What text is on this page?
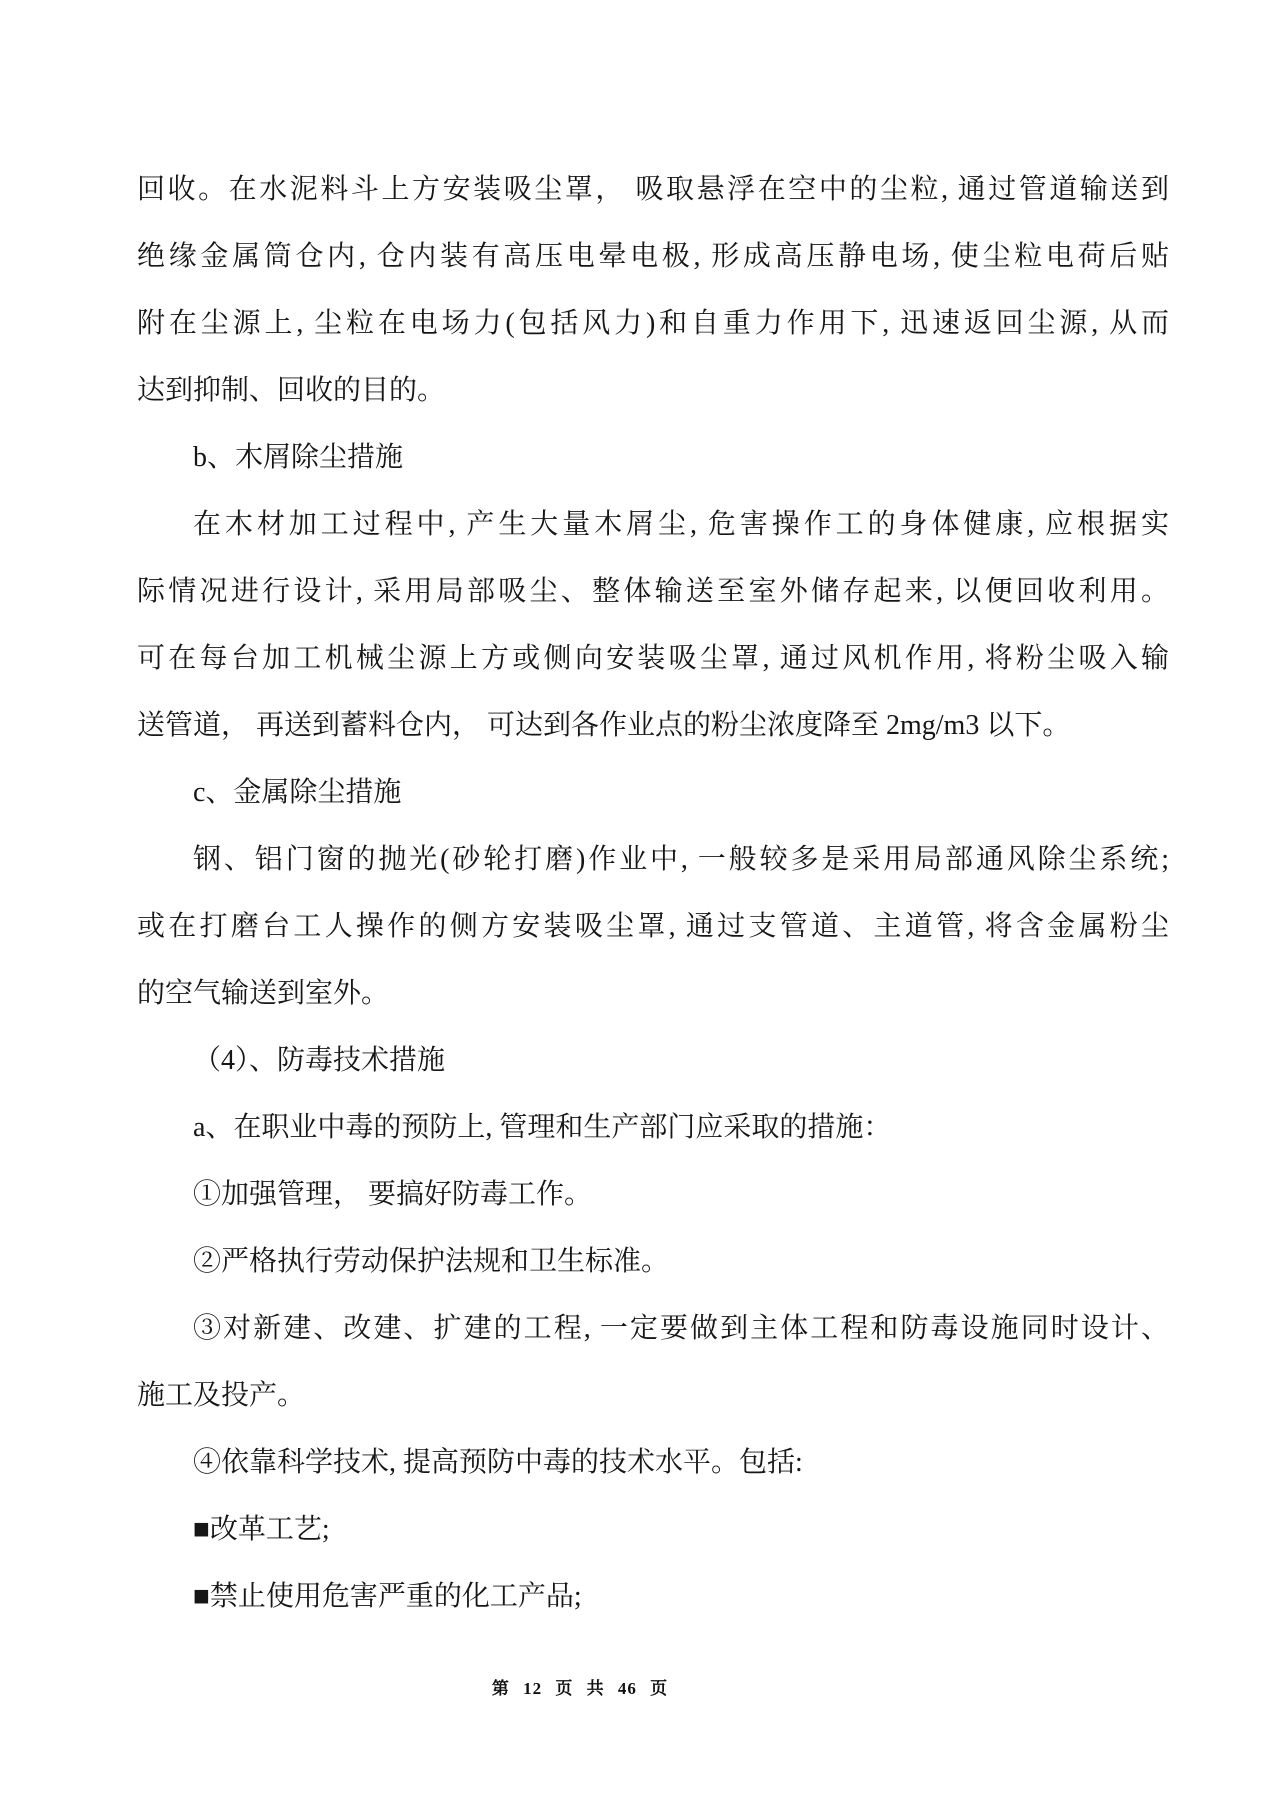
回收。在水泥料斗上方安装吸尘罩， 吸取悬浮在空中的尘粒, 通过管道输送到
绝缘金属筒仓内, 仓内装有高压电晕电极, 形成高压静电场, 使尘粒电荷后贴
附在尘源上, 尘粒在电场力(包括风力)和自重力作用下, 迅速返回尘源, 从而
达到抑制、回收的目的。
b、木屑除尘措施
在木材加工过程中, 产生大量木屑尘, 危害操作工的身体健康, 应根据实
际情况进行设计, 采用局部吸尘、整体输送至室外储存起来, 以便回收利用。
可在每台加工机械尘源上方或侧向安装吸尘罩, 通过风机作用, 将粉尘吸入输
送管道， 再送到蓄料仓内， 可达到各作业点的粉尘浓度降至 2mg/m3 以下。
c、金属除尘措施
钢、铝门窗的抛光(砂轮打磨)作业中, 一般较多是采用局部通风除尘系统;
或在打磨台工人操作的侧方安装吸尘罩, 通过支管道、主道管, 将含金属粉尘
的空气输送到室外。
（4）、防毒技术措施
a、在职业中毒的预防上, 管理和生产部门应采取的措施：
①加强管理， 要搞好防毒工作。
②严格执行劳动保护法规和卫生标准。
③对新建、改建、扩建的工程, 一定要做到主体工程和防毒设施同时设计、
施工及投产。
④依靠科学技术, 提高预防中毒的技术水平。包括:
■改革工艺;
■禁止使用危害严重的化工产品;
第 12 页 共 46 页
